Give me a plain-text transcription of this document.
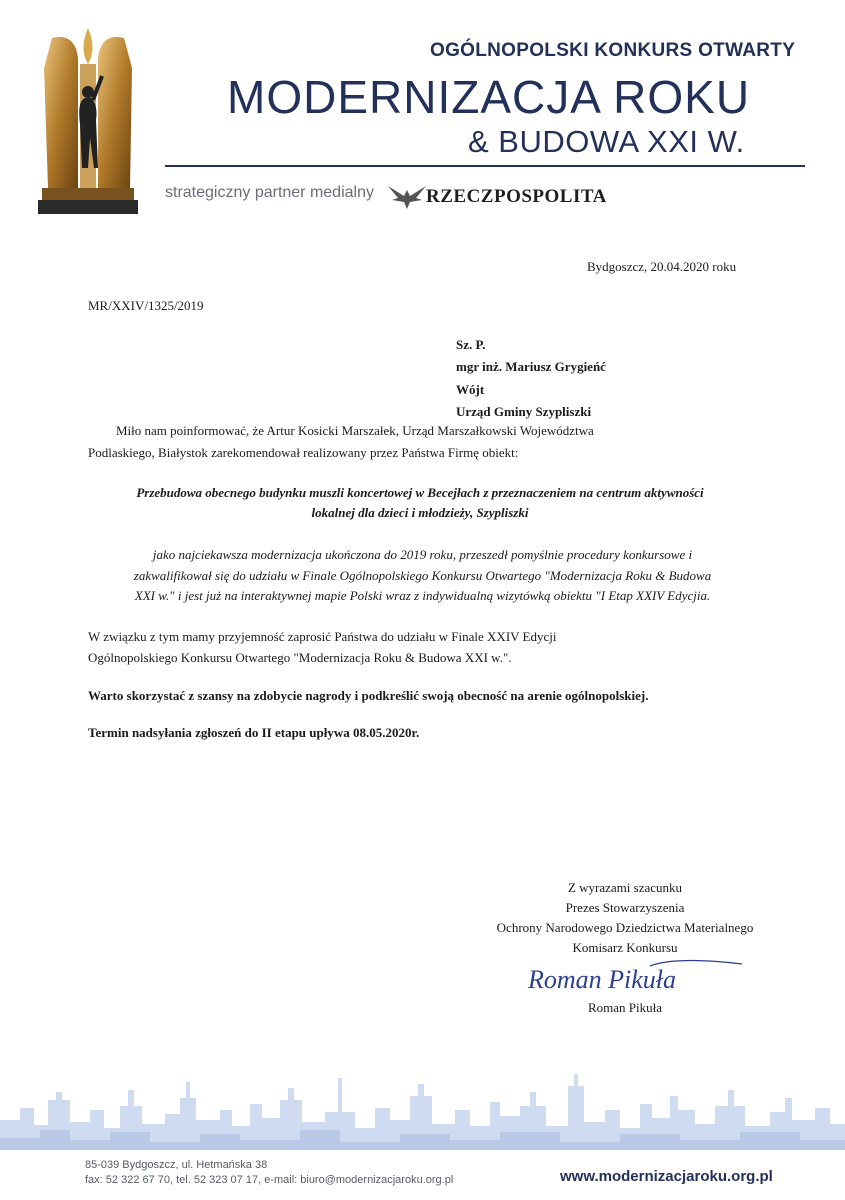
OGÓLNOPOLSKI KONKURS OTWARTY
MODERNIZACJA ROKU
& BUDOWA XXI W.
strategiczny partner medialny	RZECZPOSPOLITA
Bydgoszcz, 20.04.2020 roku
MR/XXIV/1325/2019
Sz. P.
mgr inż. Mariusz Grygieńć
Wójt
Urząd Gminy Szypliszki
Miło nam poinformować, że Artur Kosicki Marszałek, Urząd Marszałkowski Województwa
Podlaskiego, Białystok zarekomendował realizowany przez Państwa Firmę obiekt:
Przebudowa obecnego budynku muszli koncertowej w Becejłach z przeznaczeniem na centrum aktywności
lokalnej dla dzieci i młodzieży, Szypliszki
jako najciekawsza modernizacja ukończona do 2019 roku, przeszedł pomyślnie procedury konkursowe i
zakwalifikował się do udziału w Finale Ogólnopolskiego Konkursu Otwartego "Modernizacja Roku & Budowa
XXI w." i jest już na interaktywnej mapie Polski wraz z indywidualną wizytówką obiektu "I Etap XXIV Edycjia.
W związku z tym mamy przyjemność zaprosić Państwa do udziału w Finale XXIV Edycji
Ogólnopolskiego Konkursu Otwartego "Modernizacja Roku & Budowa XXI w.".
Warto skorzystać z szansy na zdobycie nagrody i podkreślić swoją obecność na arenie ogólnopolskiej.
Termin nadsyłania zgłoszeń do II etapu upływa 08.05.2020r.
Z wyrazami szacunku
Prezes Stowarzyszenia
Ochrony Narodowego Dziedzictwa Materialnego
Komisarz Konkursu
Roman Pikuła
Roman Pikuła
85-039 Bydgoszcz, ul. Hetmańska 38
fax: 52 322 67 70, tel. 52 323 07 17, e-mail: biuro@modernizacjaroku.org.pl	www.modernizacjaroku.org.pl
